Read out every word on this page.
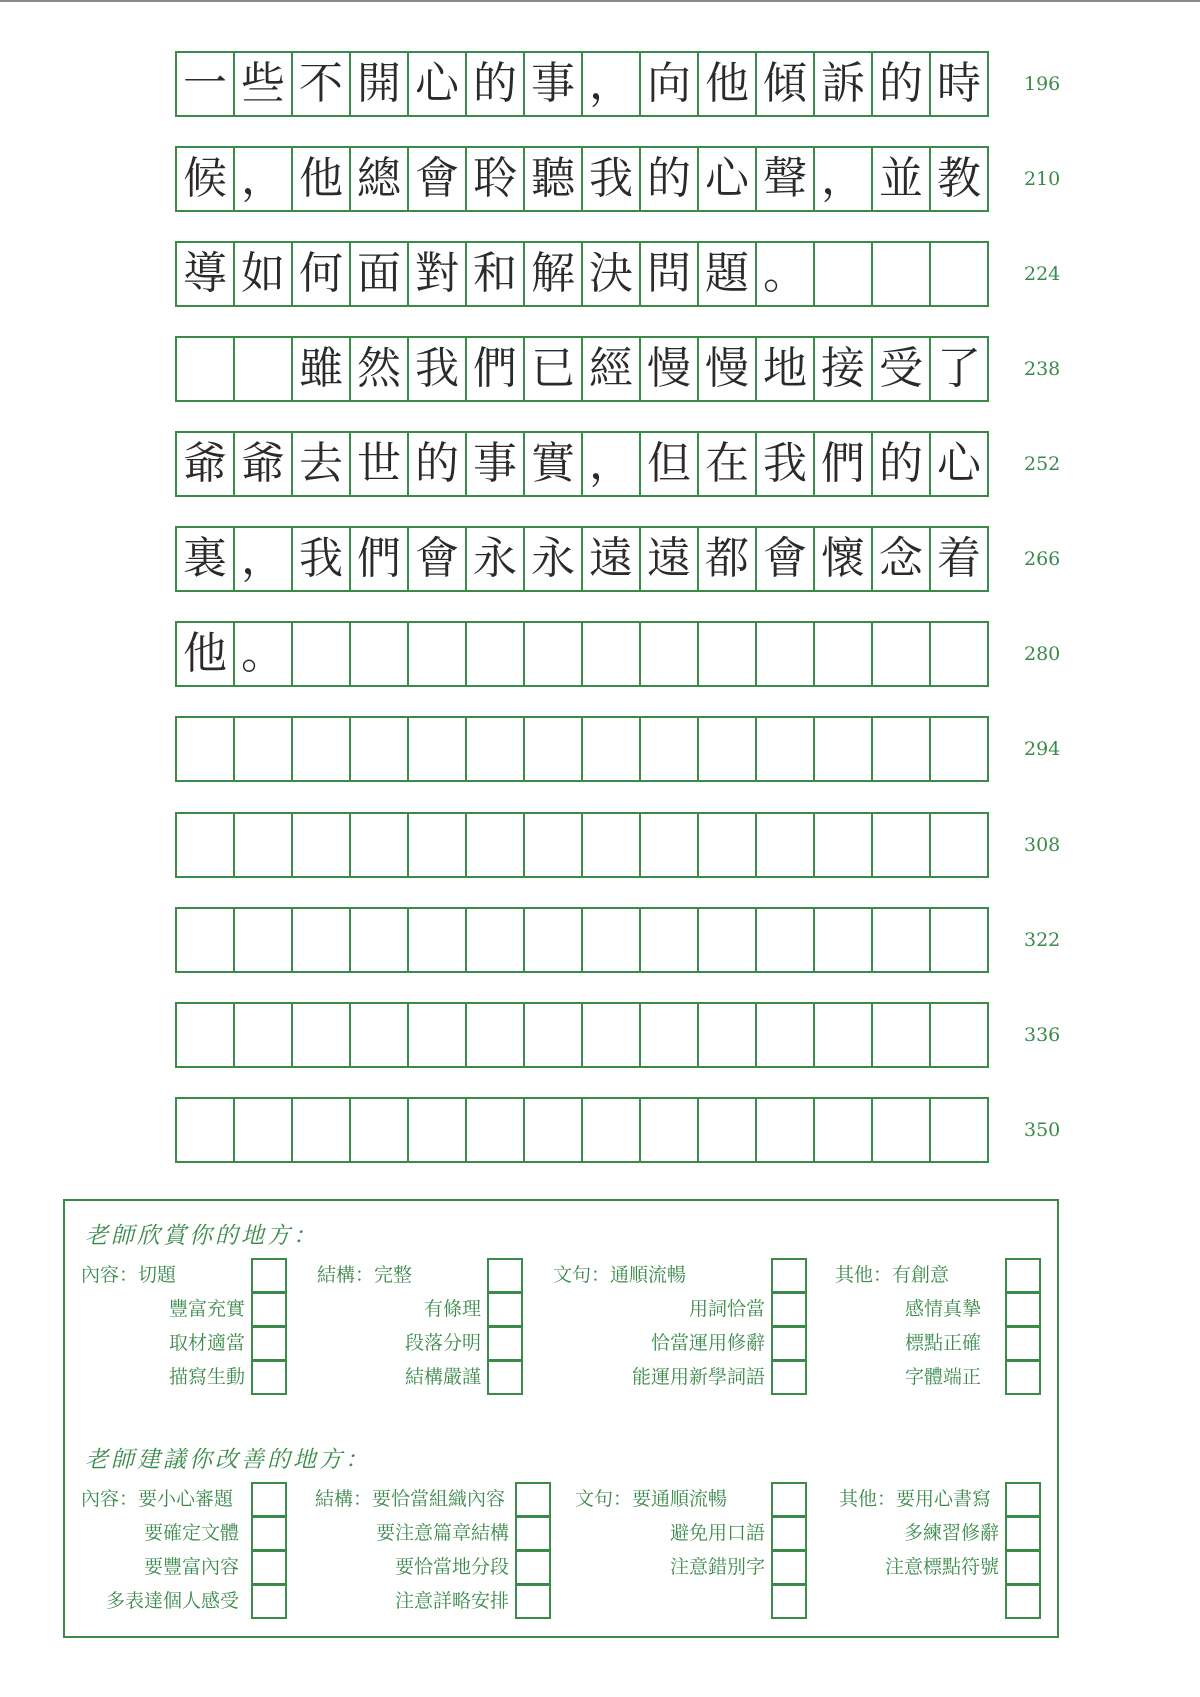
一 些 不 開 心 的 事 ， 向 他 傾 訴 的 時	196
候 ， 他 總 會 聆 聽 我 的 心 聲 ， 並 教	210
導 如 何 面 對 和 解 決 問 題 。	224
雖 然 我 們 已 經 慢 慢 地 接 受 了	238
爺 爺 去 世 的 事 實 ， 但 在 我 們 的 心	252
裏 ， 我 們 會 永 永 遠 遠 都 會 懷 念 着	266
他 。	280
294
308
322
336
350
老師欣賞你的地方：
內容：切題
豐富充實
取材適當
描寫生動
結構：完整
有條理
段落分明
結構嚴謹
文句：通順流暢
用詞恰當
恰當運用修辭
能運用新學詞語
其他：有創意
感情真摯
標點正確
字體端正
老師建議你改善的地方：
內容：要小心審題
要確定文體
要豐富內容
多表達個人感受
結構：要恰當組織內容
要注意篇章結構
要恰當地分段
注意詳略安排
文句：要通順流暢
避免用口語
注意錯別字
其他：要用心書寫
多練習修辭
注意標點符號
